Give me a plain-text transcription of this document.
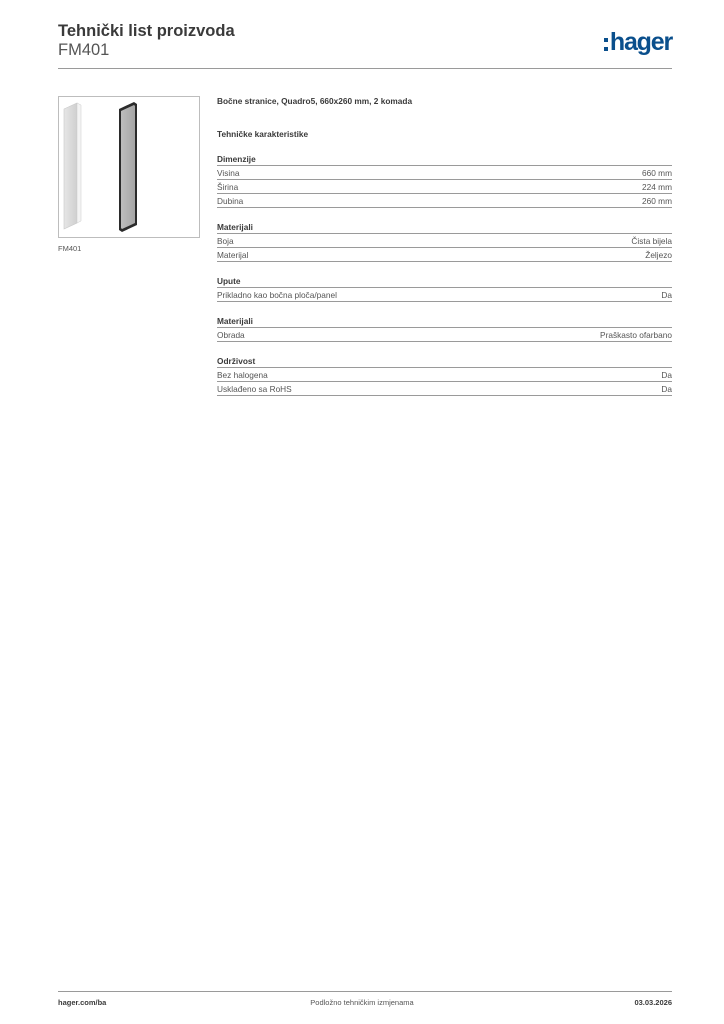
Tehnički list proizvoda
FM401	hager
FM401
Bočne stranice, Quadro5, 660x260 mm, 2 komada
Tehničke karakteristike
Dimenzije
Visina	660 mm
Širina	224 mm
Dubina	260 mm
Materijali
Boja	Čista bijela
Materijal	Željezo
Upute
Prikladno kao bočna ploča/panel	Da
Materijali
Obrada	Praškasto ofarbano
Održivost
Bez halogena	Da
Usklađeno sa RoHS	Da
hager.com/ba	Podložno tehničkim izmjenama	03.03.2026
